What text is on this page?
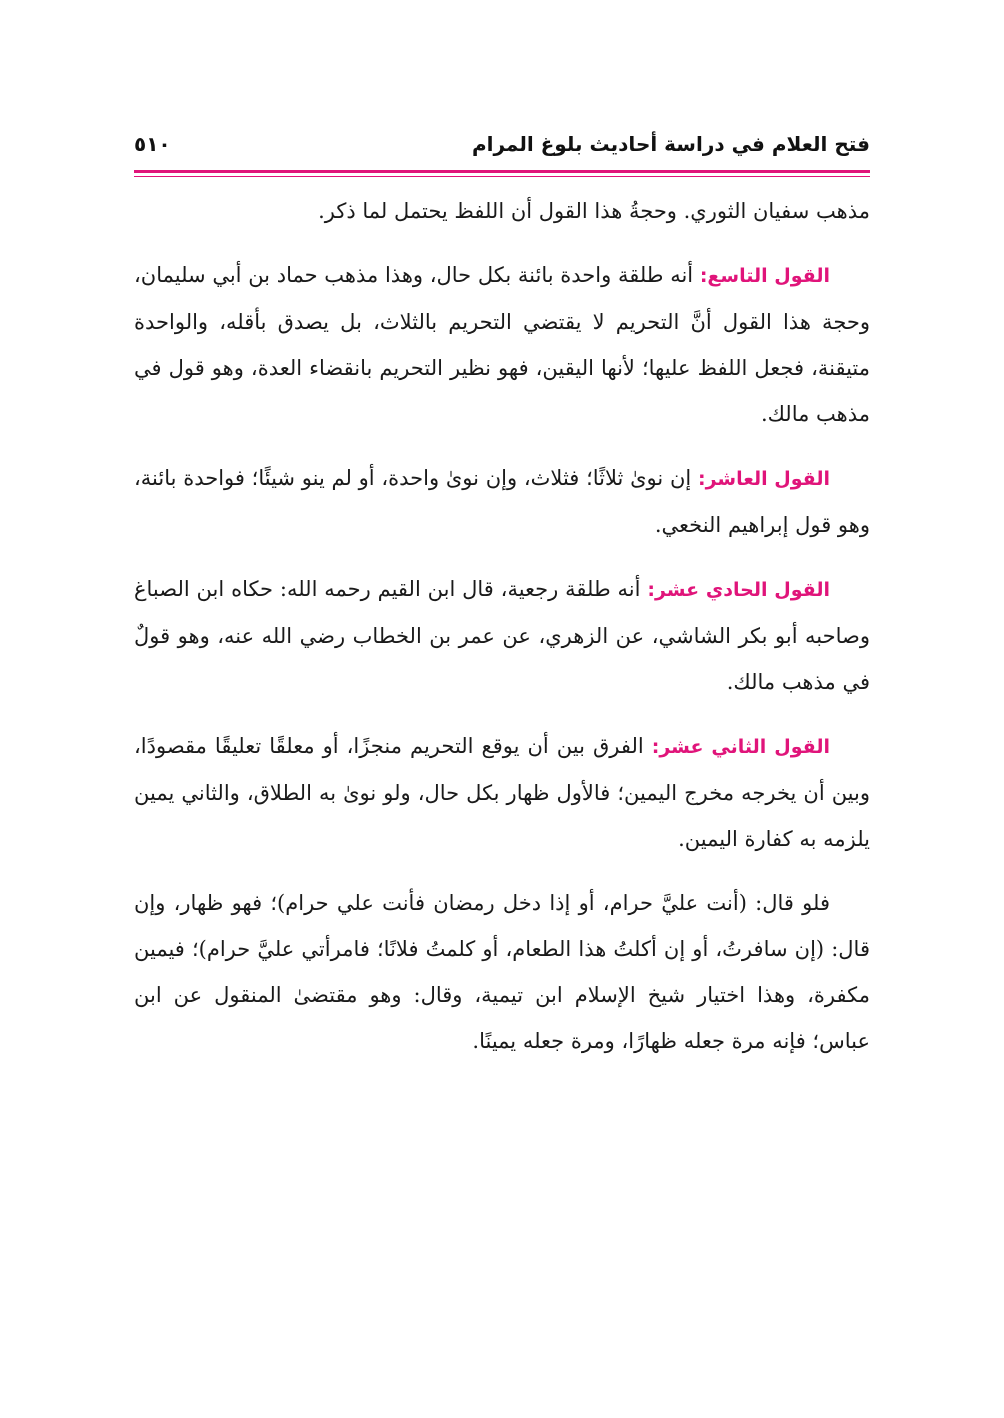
فتح العلام في دراسة أحاديث بلوغ المرام
٥١٠

مذهب سفيان الثوري. وحجةُ هذا القول أن اللفظ يحتمل لما ذكر.

القول التاسع: أنه طلقة واحدة بائنة بكل حال، وهذا مذهب حماد بن أبي سليمان، وحجة هذا القول أنَّ التحريم لا يقتضي التحريم بالثلاث، بل يصدق بأقله، والواحدة متيقنة، فجعل اللفظ عليها؛ لأنها اليقين، فهو نظير التحريم بانقضاء العدة، وهو قول في مذهب مالك.

القول العاشر: إن نوىٰ ثلاثًا؛ فثلاث، وإن نوىٰ واحدة، أو لم ينو شيئًا؛ فواحدة بائنة، وهو قول إبراهيم النخعي.

القول الحادي عشر: أنه طلقة رجعية، قال ابن القيم رحمه الله: حكاه ابن الصباغ وصاحبه أبو بكر الشاشي، عن الزهري، عن عمر بن الخطاب رضي الله عنه، وهو قولٌ في مذهب مالك.

القول الثاني عشر: الفرق بين أن يوقع التحريم منجزًا، أو معلقًا تعليقًا مقصودًا، وبين أن يخرجه مخرج اليمين؛ فالأول ظهار بكل حال، ولو نوىٰ به الطلاق، والثاني يمين يلزمه به كفارة اليمين.

فلو قال: (أنت عليَّ حرام، أو إذا دخل رمضان فأنت علي حرام)؛ فهو ظهار، وإن قال: (إن سافرتُ، أو إن أكلتُ هذا الطعام، أو كلمتُ فلانًا؛ فامرأتي عليَّ حرام)؛ فيمين مكفرة، وهذا اختيار شيخ الإسلام ابن تيمية، وقال: وهو مقتضىٰ المنقول عن ابن عباس؛ فإنه مرة جعله ظهارًا، ومرة جعله يمينًا.
